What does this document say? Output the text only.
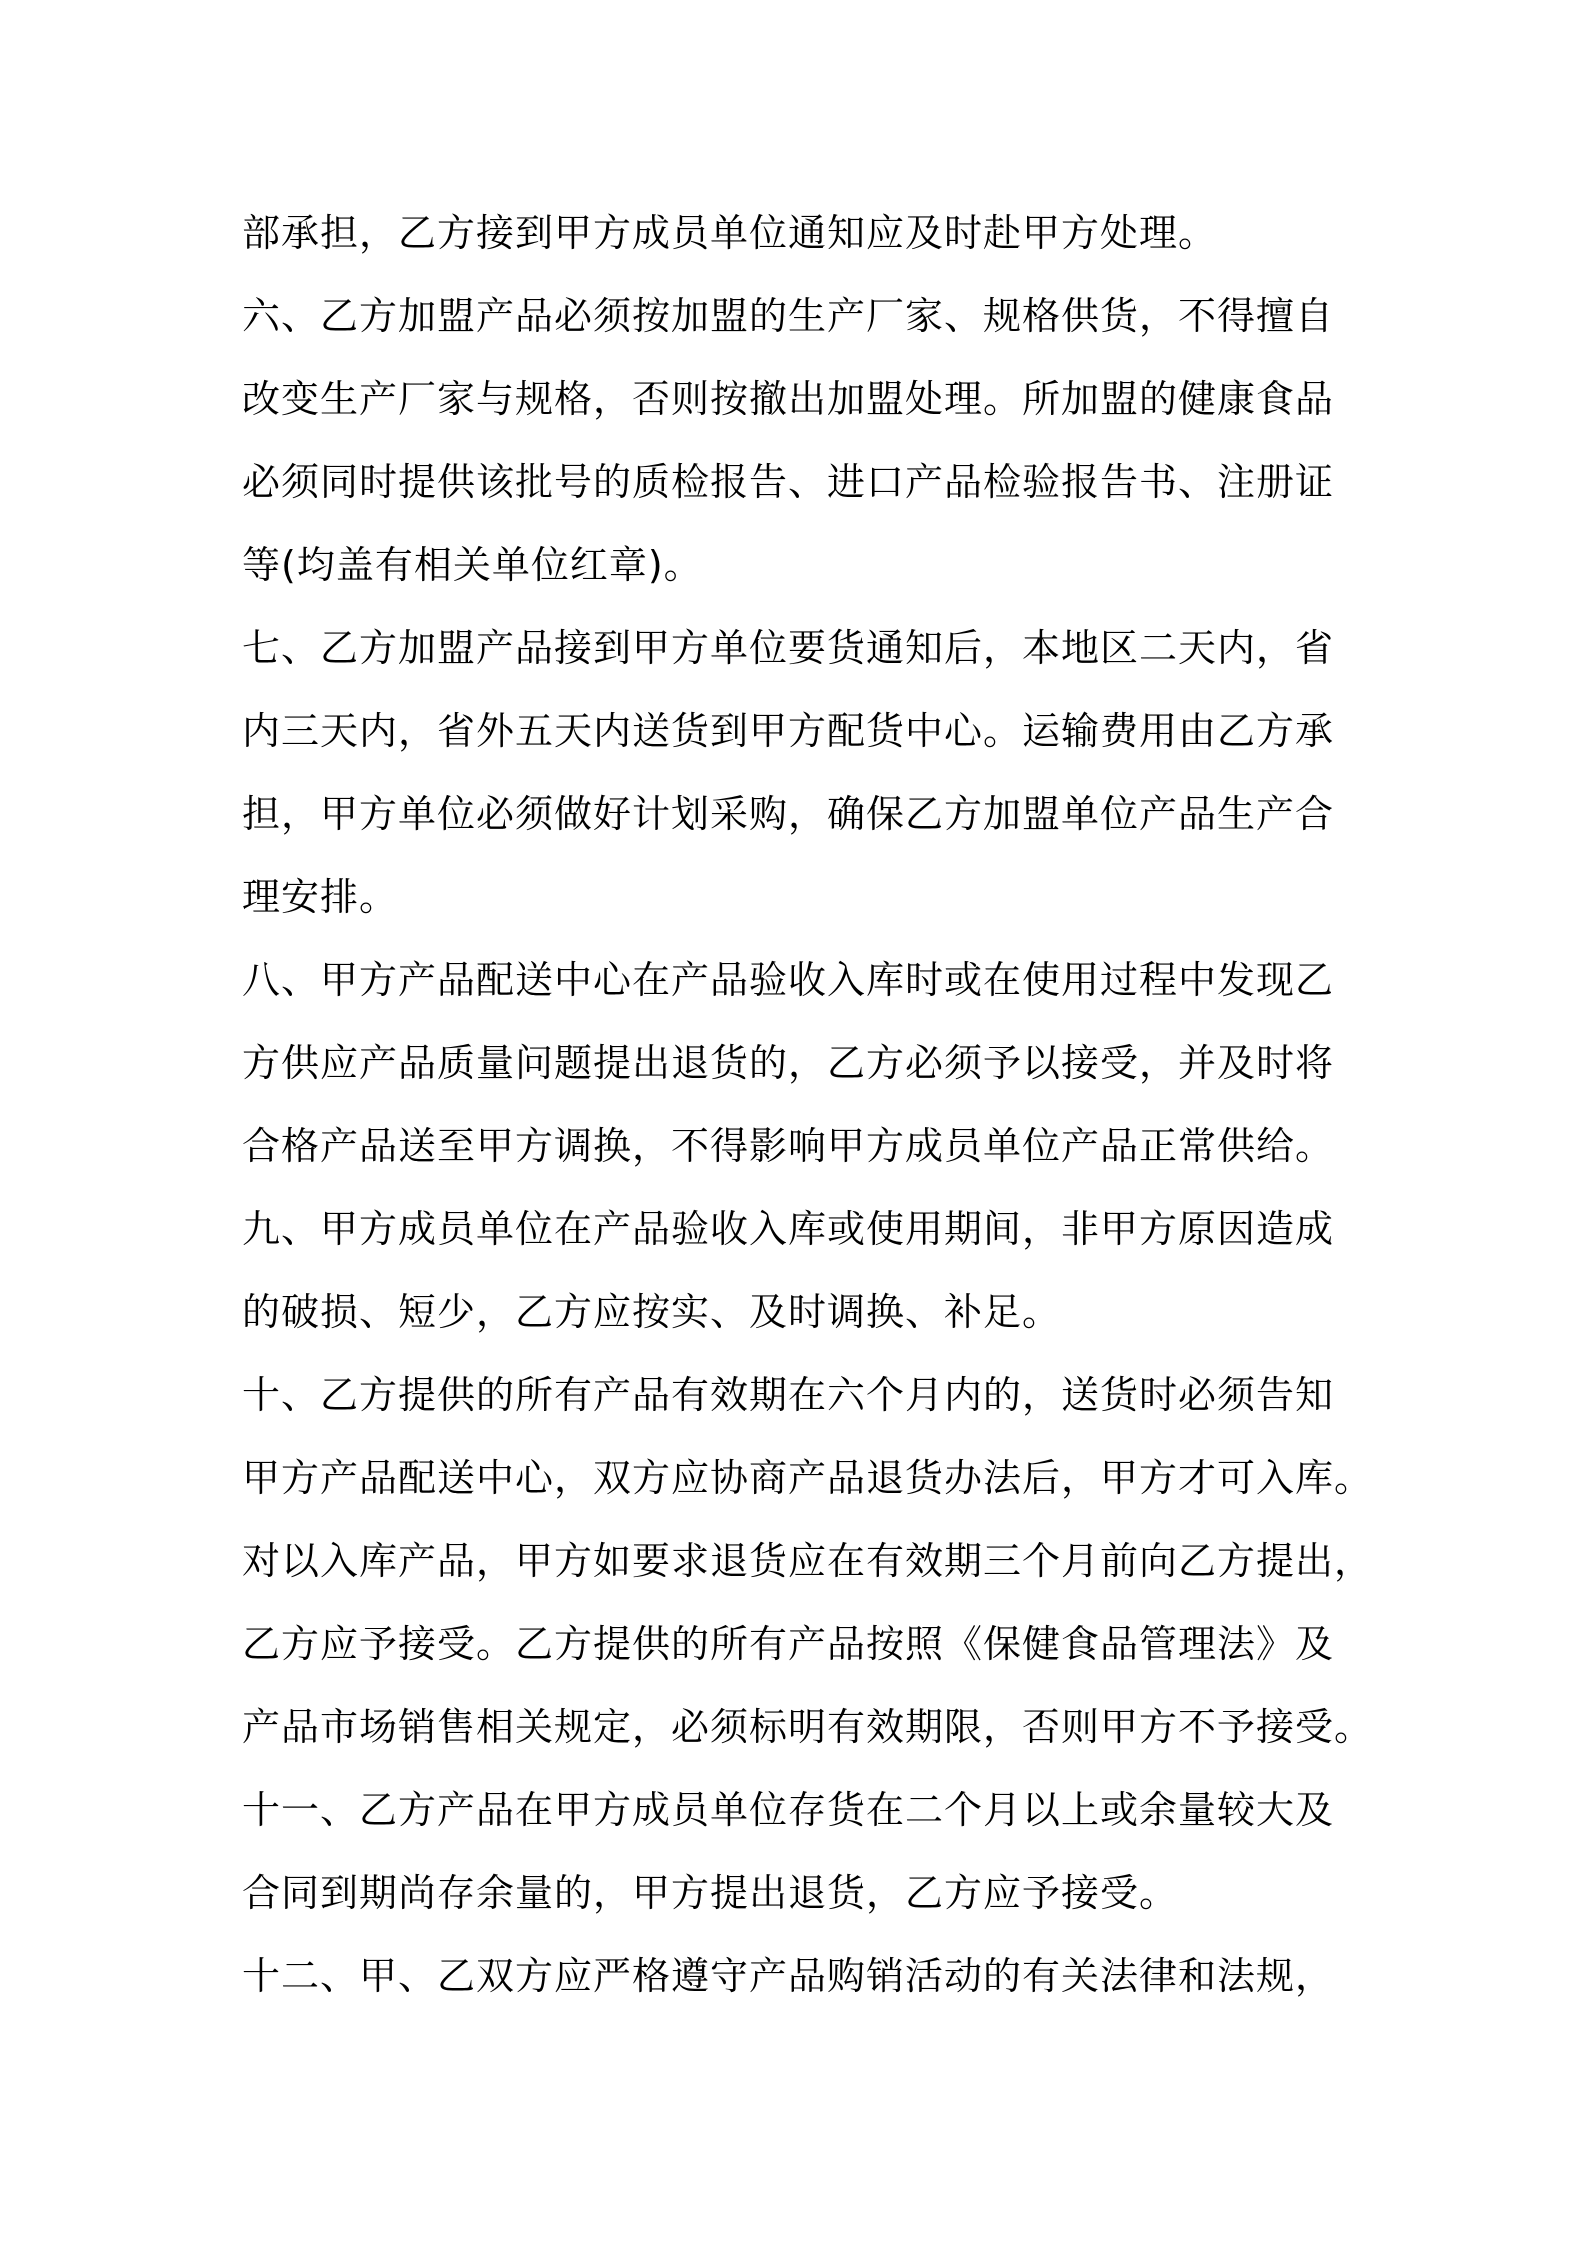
部承担，乙方接到甲方成员单位通知应及时赴甲方处理。
六、乙方加盟产品必须按加盟的生产厂家、规格供货，不得擅自
改变生产厂家与规格，否则按撤出加盟处理。所加盟的健康食品
必须同时提供该批号的质检报告、进口产品检验报告书、注册证
等(均盖有相关单位红章)。
七、乙方加盟产品接到甲方单位要货通知后，本地区二天内，省
内三天内，省外五天内送货到甲方配货中心。运输费用由乙方承
担，甲方单位必须做好计划采购，确保乙方加盟单位产品生产合
理安排。
八、甲方产品配送中心在产品验收入库时或在使用过程中发现乙
方供应产品质量问题提出退货的，乙方必须予以接受，并及时将
合格产品送至甲方调换，不得影响甲方成员单位产品正常供给。
九、甲方成员单位在产品验收入库或使用期间，非甲方原因造成
的破损、短少，乙方应按实、及时调换、补足。
十、乙方提供的所有产品有效期在六个月内的，送货时必须告知
甲方产品配送中心，双方应协商产品退货办法后，甲方才可入库。
对以入库产品，甲方如要求退货应在有效期三个月前向乙方提出，
乙方应予接受。乙方提供的所有产品按照《保健食品管理法》及
产品市场销售相关规定，必须标明有效期限，否则甲方不予接受。
十一、乙方产品在甲方成员单位存货在二个月以上或余量较大及
合同到期尚存余量的，甲方提出退货，乙方应予接受。
十二、甲、乙双方应严格遵守产品购销活动的有关法律和法规，
